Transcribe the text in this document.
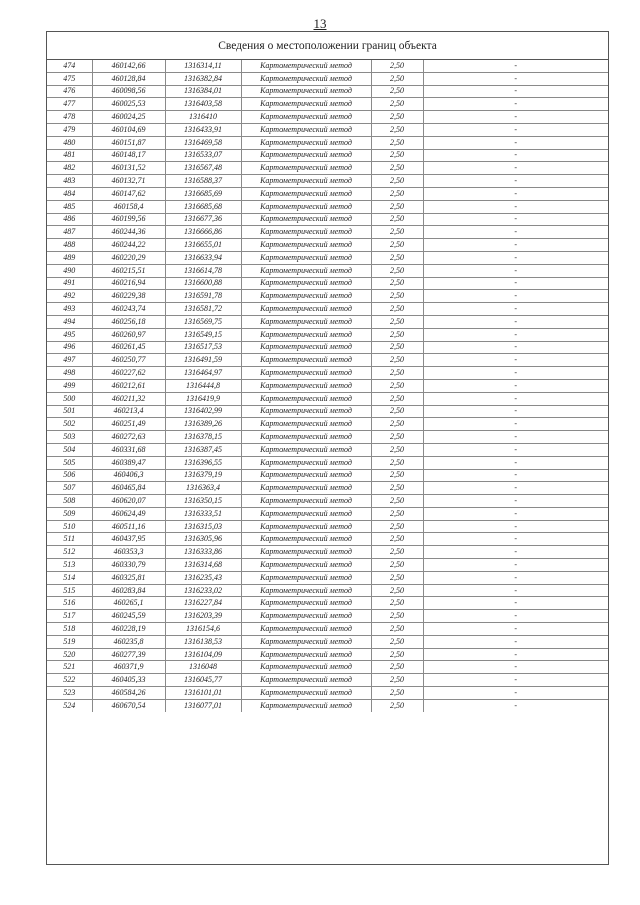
13
Сведения о местоположении границ объекта
474	460142,66	1316314,11	Картометрический метод	2,50	-
475	460128,84	1316382,84	Картометрический метод	2,50	-
476	460098,56	1316384,01	Картометрический метод	2,50	-
477	460025,53	1316403,58	Картометрический метод	2,50	-
478	460024,25	1316410	Картометрический метод	2,50	-
479	460104,69	1316433,91	Картометрический метод	2,50	-
480	460151,87	1316469,58	Картометрический метод	2,50	-
481	460148,17	1316533,07	Картометрический метод	2,50	-
482	460131,52	1316567,48	Картометрический метод	2,50	-
483	460132,71	1316588,37	Картометрический метод	2,50	-
484	460147,62	1316685,69	Картометрический метод	2,50	-
485	460158,4	1316685,68	Картометрический метод	2,50	-
486	460199,56	1316677,36	Картометрический метод	2,50	-
487	460244,36	1316666,86	Картометрический метод	2,50	-
488	460244,22	1316655,01	Картометрический метод	2,50	-
489	460220,29	1316633,94	Картометрический метод	2,50	-
490	460215,51	1316614,78	Картометрический метод	2,50	-
491	460216,94	1316600,88	Картометрический метод	2,50	-
492	460229,38	1316591,78	Картометрический метод	2,50	-
493	460243,74	1316581,72	Картометрический метод	2,50	-
494	460256,18	1316569,75	Картометрический метод	2,50	-
495	460260,97	1316549,15	Картометрический метод	2,50	-
496	460261,45	1316517,53	Картометрический метод	2,50	-
497	460250,77	1316491,59	Картометрический метод	2,50	-
498	460227,62	1316464,97	Картометрический метод	2,50	-
499	460212,61	1316444,8	Картометрический метод	2,50	-
500	460211,32	1316419,9	Картометрический метод	2,50	-
501	460213,4	1316402,99	Картометрический метод	2,50	-
502	460251,49	1316389,26	Картометрический метод	2,50	-
503	460272,63	1316378,15	Картометрический метод	2,50	-
504	460331,68	1316387,45	Картометрический метод	2,50	-
505	460389,47	1316396,55	Картометрический метод	2,50	-
506	460406,3	1316379,19	Картометрический метод	2,50	-
507	460465,84	1316363,4	Картометрический метод	2,50	-
508	460620,07	1316350,15	Картометрический метод	2,50	-
509	460624,49	1316333,51	Картометрический метод	2,50	-
510	460511,16	1316315,03	Картометрический метод	2,50	-
511	460437,95	1316305,96	Картометрический метод	2,50	-
512	460353,3	1316333,86	Картометрический метод	2,50	-
513	460330,79	1316314,68	Картометрический метод	2,50	-
514	460325,81	1316235,43	Картометрический метод	2,50	-
515	460283,84	1316233,02	Картометрический метод	2,50	-
516	460265,1	1316227,84	Картометрический метод	2,50	-
517	460245,59	1316203,39	Картометрический метод	2,50	-
518	460228,19	1316154,6	Картометрический метод	2,50	-
519	460235,8	1316138,53	Картометрический метод	2,50	-
520	460277,39	1316104,09	Картометрический метод	2,50	-
521	460371,9	1316048	Картометрический метод	2,50	-
522	460405,33	1316045,77	Картометрический метод	2,50	-
523	460584,26	1316101,01	Картометрический метод	2,50	-
524	460670,54	1316077,01	Картометрический метод	2,50	-
